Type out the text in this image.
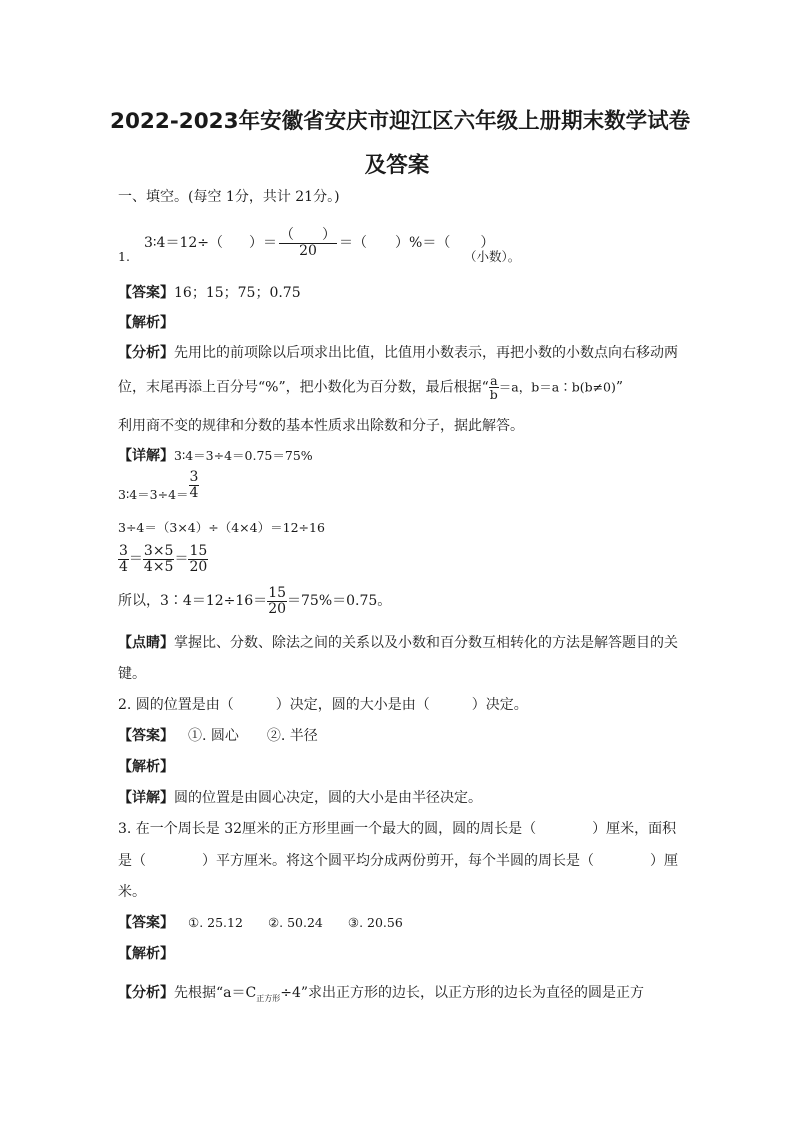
2022-2023年安徽省安庆市迎江区六年级上册期末数学试卷
及答案
一、填空。(每空 1分，共计 21分。)
1.
3∶4＝12÷（ ）＝ $\frac{( )}{20}$ ＝（ ）%＝（ ）
（小数）。
【答案】16；15；75；0.75
【解析】
【分析】先用比的前项除以后项求出比值，比值用小数表示，再把小数的小数点向右移动两
位，末尾再添上百分号“%”，把小数化为百分数，最后根据“ $\frac{a}{b} =a$，b＝a∶b(b≠0)”
利用商不变的规律和分数的基本性质求出除数和分子，据此解答。
【详解】3∶4＝3÷4＝0.75＝75%
3∶4＝3÷4＝ $\frac{3}{4}$
3÷4＝（3×4）÷（4×4）＝12÷16
$\frac{3}{4} = \frac{3\times 5}{4\times 5} = \frac{15}{20}$
所以，3∶4＝12÷16＝ $\frac{15}{20} =75\%=0.75$。
【点睛】掌握比、分数、除法之间的关系以及小数和百分数互相转化的方法是解答题目的关
键。
2. 圆的位置是由（　　　）决定，圆的大小是由（　　　）决定。
【答案】 ①. 圆心　　②. 半径
【解析】
【详解】圆的位置是由圆心决定，圆的大小是由半径决定。
3. 在一个周长是 32厘米的正方形里画一个最大的圆，圆的周长是（　　　　）厘米，面积
是（　　　　）平方厘米。将这个圆平均分成两份剪开，每个半圆的周长是（　　　　）厘
米。
【答案】 ①. 25.12　　②. 50.24　　③. 20.56
【解析】
【分析】先根据“$a=C_{正方形}\div 4$”求出正方形的边长，以正方形的边长为直径的圆是正方
